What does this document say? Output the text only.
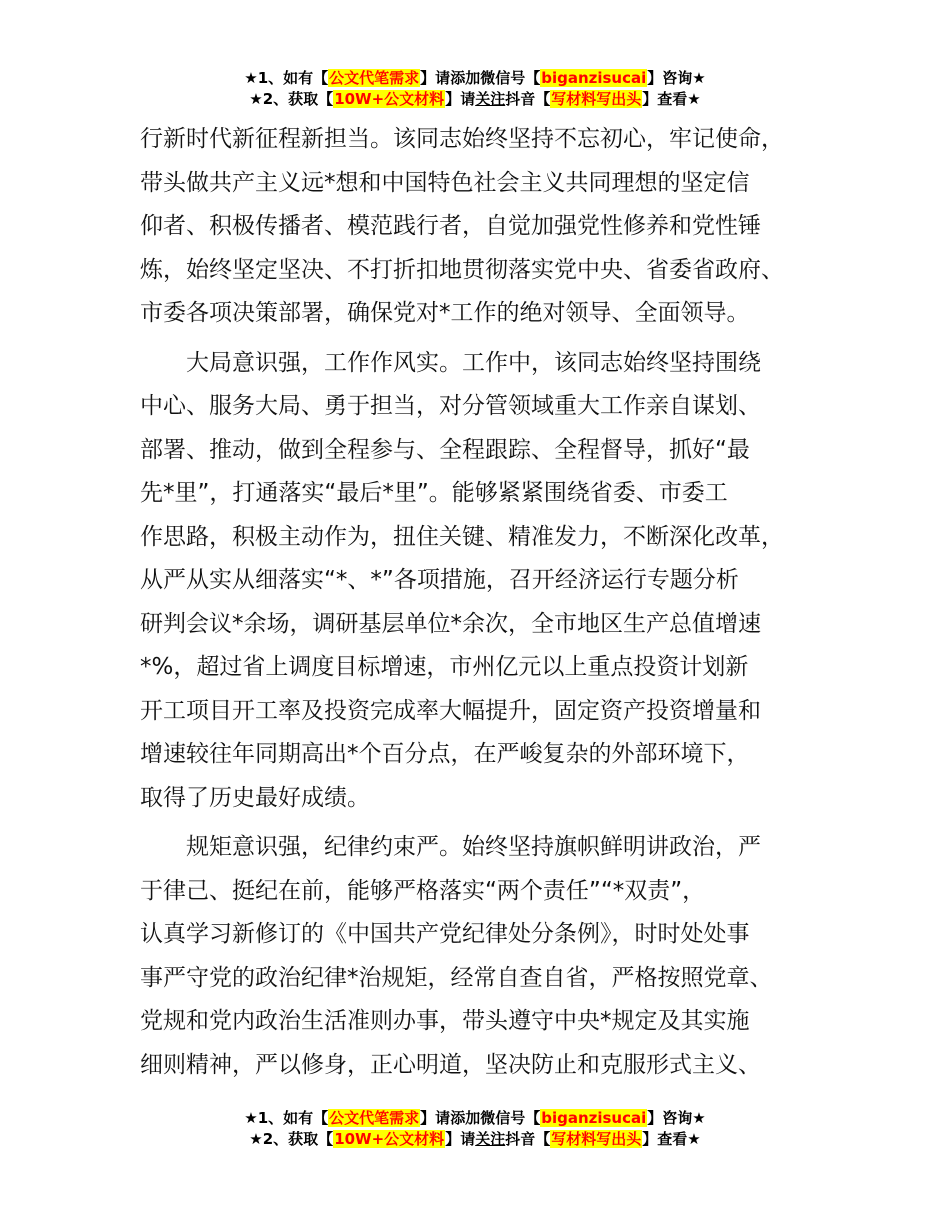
★1、如有【公文代笔需求】请添加微信号【biganzisucai】咨询★
★2、获取【10W+公文材料】请关注抖音【写材料写出头】查看★
行新时代新征程新担当。该同志始终坚持不忘初心，牢记使命，
带头做共产主义远*想和中国特色社会主义共同理想的坚定信
仰者、积极传播者、模范践行者，自觉加强党性修养和党性锤
炼，始终坚定坚决、不打折扣地贯彻落实党中央、省委省政府、
市委各项决策部署，确保党对*工作的绝对领导、全面领导。
　　大局意识强，工作作风实。工作中，该同志始终坚持围绕
中心、服务大局、勇于担当，对分管领域重大工作亲自谋划、
部署、推动，做到全程参与、全程跟踪、全程督导，抓好“最
先*里”，打通落实“最后*里”。能够紧紧围绕省委、市委工
作思路，积极主动作为，扭住关键、精准发力，不断深化改革，
从严从实从细落实“*、*”各项措施，召开经济运行专题分析
研判会议*余场，调研基层单位*余次，全市地区生产总值增速
*%，超过省上调度目标增速，市州亿元以上重点投资计划新
开工项目开工率及投资完成率大幅提升，固定资产投资增量和
增速较往年同期高出*个百分点，在严峻复杂的外部环境下，
取得了历史最好成绩。
　　规矩意识强，纪律约束严。始终坚持旗帜鲜明讲政治，严
于律己、挺纪在前，能够严格落实“两个责任”“*双责”，
认真学习新修订的《中国共产党纪律处分条例》，时时处处事
事严守党的政治纪律*治规矩，经常自查自省，严格按照党章、
党规和党内政治生活准则办事，带头遵守中央*规定及其实施
细则精神，严以修身，正心明道，坚决防止和克服形式主义、
★1、如有【公文代笔需求】请添加微信号【biganzisucai】咨询★
★2、获取【10W+公文材料】请关注抖音【写材料写出头】查看★
